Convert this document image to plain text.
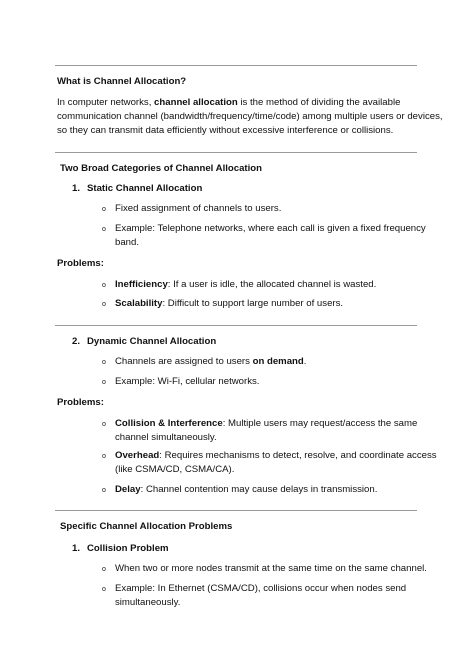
What is Channel Allocation?
In computer networks, channel allocation is the method of dividing the available
communication channel (bandwidth/frequency/time/code) among multiple users or devices,
so they can transmit data efficiently without excessive interference or collisions.
Two Broad Categories of Channel Allocation
1. Static Channel Allocation
o Fixed assignment of channels to users.
o Example: Telephone networks, where each call is given a fixed frequency
band.
Problems:
o Inefficiency: If a user is idle, the allocated channel is wasted.
o Scalability: Difficult to support large number of users.
2. Dynamic Channel Allocation
o Channels are assigned to users on demand.
o Example: Wi-Fi, cellular networks.
Problems:
o Collision & Interference: Multiple users may request/access the same
channel simultaneously.
o Overhead: Requires mechanisms to detect, resolve, and coordinate access
(like CSMA/CD, CSMA/CA).
o Delay: Channel contention may cause delays in transmission.
Specific Channel Allocation Problems
1. Collision Problem
o When two or more nodes transmit at the same time on the same channel.
o Example: In Ethernet (CSMA/CD), collisions occur when nodes send
simultaneously.
